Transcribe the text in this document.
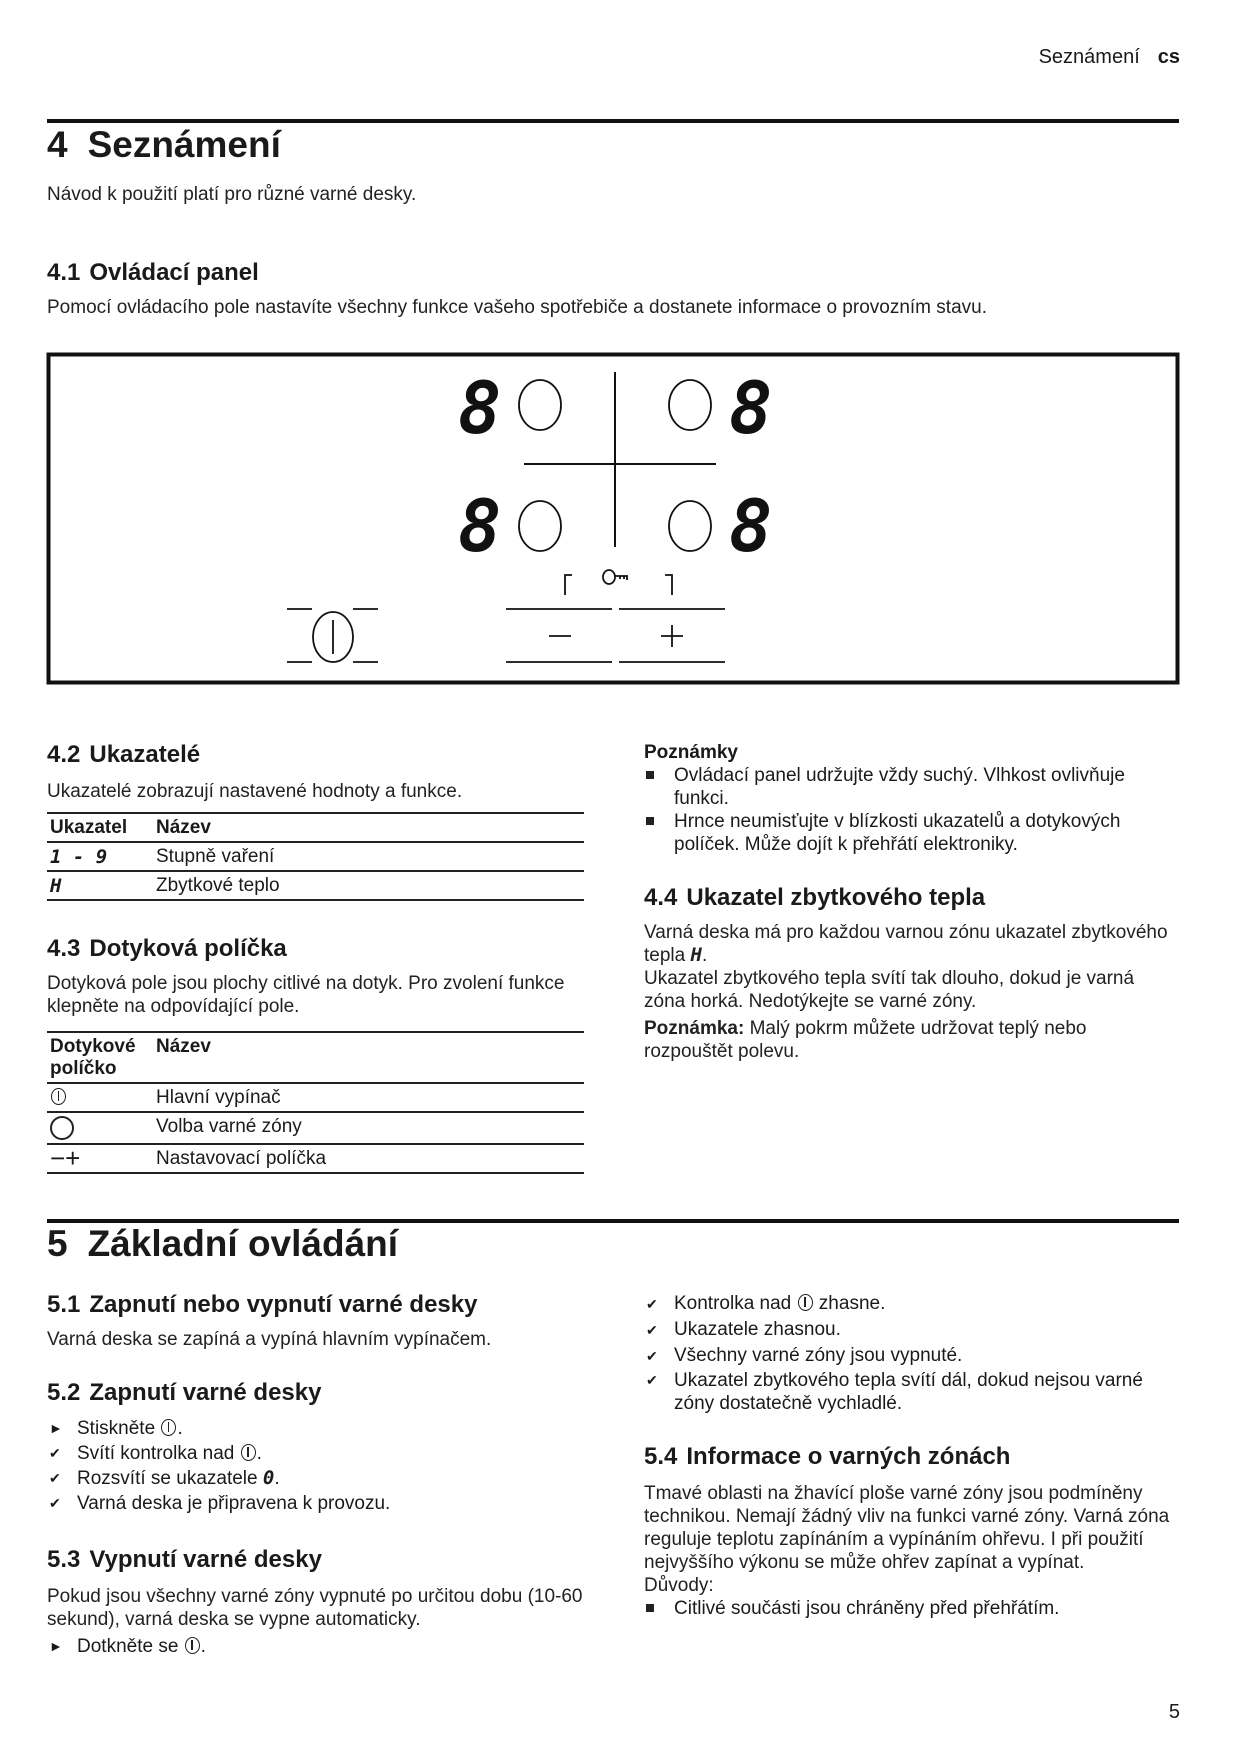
Seznámení cs
4 Seznámení
Návod k použití platí pro různé varné desky.
4.1 Ovládací panel
Pomocí ovládacího pole nastavíte všechny funkce vašeho spotřebiče a dostanete informace o provozním stavu.
8	8
8	8
4.2 Ukazatelé
Ukazatelé zobrazují nastavené hodnoty a funkce.
Ukazatel	Název
1 - 9	Stupně vaření
H	Zbytkové teplo
4.3 Dotyková políčka
Dotyková pole jsou plochy citlivé na dotyk. Pro zvolení funkce klepněte na odpovídající pole.
Dotykové políčko	Název
	Hlavní vypínač
	Volba varné zóny
−+	Nastavovací políčka
Poznámky
Ovládací panel udržujte vždy suchý. Vlhkost ovlivňuje funkci.
Hrnce neumisťujte v blízkosti ukazatelů a dotykových políček. Může dojít k přehřátí elektroniky.
4.4 Ukazatel zbytkového tepla
Varná deska má pro každou varnou zónu ukazatel zbytkového tepla H.
Ukazatel zbytkového tepla svítí tak dlouho, dokud je varná zóna horká. Nedotýkejte se varné zóny.
Poznámka: Malý pokrm můžete udržovat teplý nebo rozpouštět polevu.
5 Základní ovládání
5.1 Zapnutí nebo vypnutí varné desky
Varná deska se zapíná a vypíná hlavním vypínačem.
5.2 Zapnutí varné desky
► Stiskněte .
✔ Svítí kontrolka nad .
✔ Rozsvítí se ukazatele 0.
✔ Varná deska je připravena k provozu.
5.3 Vypnutí varné desky
Pokud jsou všechny varné zóny vypnuté po určitou dobu (10-60 sekund), varná deska se vypne automaticky.
► Dotkněte se .
✔ Kontrolka nad  zhasne.
✔ Ukazatele zhasnou.
✔ Všechny varné zóny jsou vypnuté.
✔ Ukazatel zbytkového tepla svítí dál, dokud nejsou varné zóny dostatečně vychladlé.
5.4 Informace o varných zónách
Tmavé oblasti na žhavící ploše varné zóny jsou podmíněny technikou. Nemají žádný vliv na funkci varné zóny. Varná zóna reguluje teplotu zapínáním a vypínáním ohřevu. I při použití nejvyššího výkonu se může ohřev zapínat a vypínat.
Důvody:
Citlivé součásti jsou chráněny před přehřátím.
5
